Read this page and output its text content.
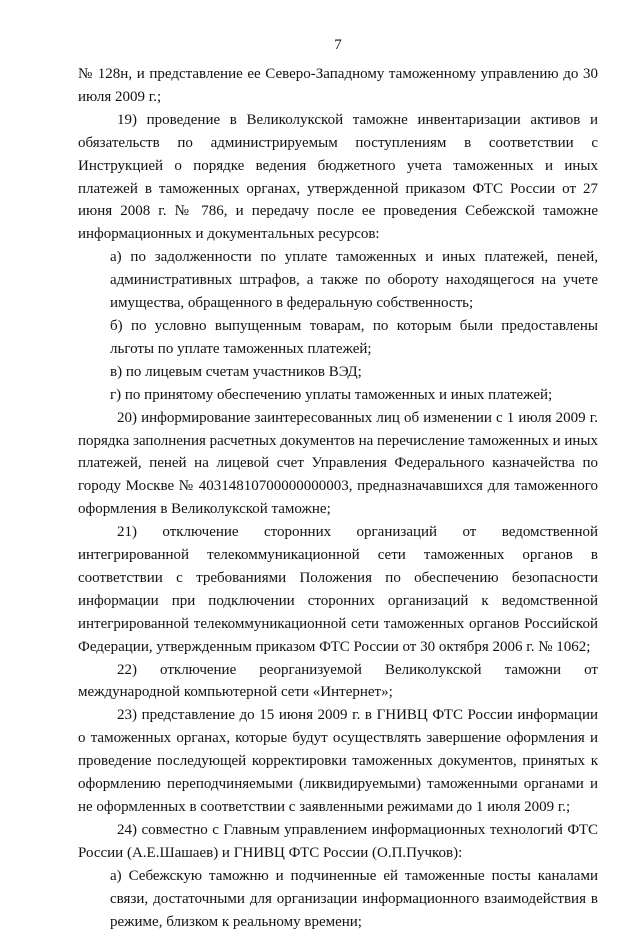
7

№ 128н, и представление ее Северо-Западному таможенному управлению до 30 июля 2009 г.;

19) проведение в Великолукской таможне инвентаризации активов и обязательств по администрируемым поступлениям в соответствии с Инструкцией о порядке ведения бюджетного учета таможенных и иных платежей в таможенных органах, утвержденной приказом ФТС России от 27 июня 2008 г. № 786, и передачу после ее проведения Себежской таможне информационных и документальных ресурсов:

а) по задолженности по уплате таможенных и иных платежей, пеней, административных штрафов, а также по обороту находящегося на учете имущества, обращенного в федеральную собственность;

б) по условно выпущенным товарам, по которым были предоставлены льготы по уплате таможенных платежей;

в) по лицевым счетам участников ВЭД;

г) по принятому обеспечению уплаты таможенных и иных платежей;

20) информирование заинтересованных лиц об изменении с 1 июля 2009 г. порядка заполнения расчетных документов на перечисление таможенных и иных платежей, пеней на лицевой счет Управления Федерального казначейства по городу Москве № 40314810700000000003, предназначавшихся для таможенного оформления в Великолукской таможне;

21) отключение сторонних организаций от ведомственной интегрированной телекоммуникационной сети таможенных органов в соответствии с требованиями Положения по обеспечению безопасности информации при подключении сторонних организаций к ведомственной интегрированной телекоммуникационной сети таможенных органов Российской Федерации, утвержденным приказом ФТС России от 30 октября 2006 г. № 1062;

22) отключение реорганизуемой Великолукской таможни от международной компьютерной сети «Интернет»;

23) представление до 15 июня 2009 г. в ГНИВЦ ФТС России информации о таможенных органах, которые будут осуществлять завершение оформления и проведение последующей корректировки таможенных документов, принятых к оформлению переподчиняемыми (ликвидируемыми) таможенными органами и не оформленных в соответствии с заявленными режимами до 1 июля 2009 г.;

24) совместно с Главным управлением информационных технологий ФТС России (А.Е.Шашаев) и ГНИВЦ ФТС России (О.П.Пучков):

а) Себежскую таможню и подчиненные ей таможенные посты каналами связи, достаточными для организации информационного взаимодействия в режиме, близком к реальному времени;
